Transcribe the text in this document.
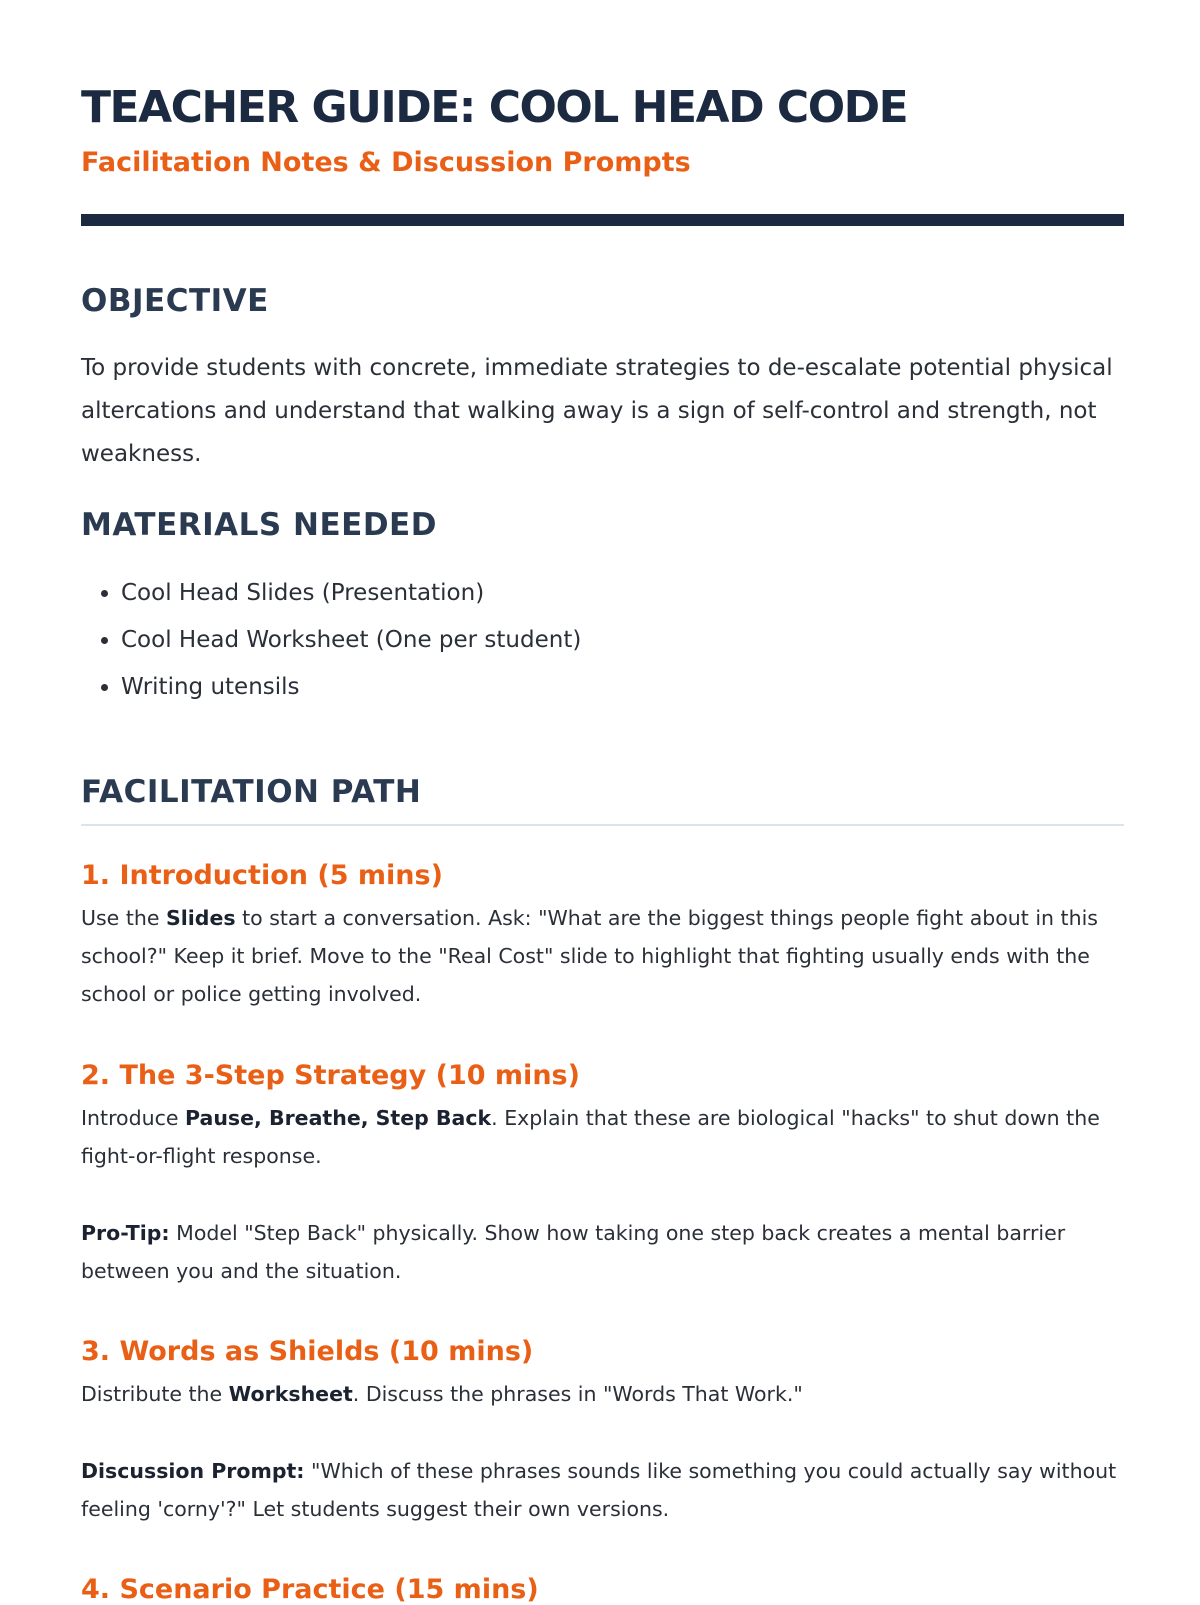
TEACHER GUIDE: COOL HEAD CODE
Facilitation Notes & Discussion Prompts
OBJECTIVE

To provide students with concrete, immediate strategies to de-escalate potential physical altercations and understand that walking away is a sign of self-control and strength, not weakness.

MATERIALS NEEDED
• Cool Head Slides (Presentation)
• Cool Head Worksheet (One per student)
• Writing utensils
FACILITATION PATH
1. Introduction (5 mins)

Use the Slides to start a conversation. Ask: "What are the biggest things people fight about in this school?" Keep it brief. Move to the "Real Cost" slide to highlight that fighting usually ends with the school or police getting involved.

2. The 3-Step Strategy (10 mins)

Introduce Pause, Breathe, Step Back. Explain that these are biological "hacks" to shut down the fight-or-flight response.

Pro-Tip: Model "Step Back" physically. Show how taking one step back creates a mental barrier between you and the situation.

3. Words as Shields (10 mins)

Distribute the Worksheet. Discuss the phrases in "Words That Work."

Discussion Prompt: "Which of these phrases sounds like something you could actually say without feeling 'corny'?" Let students suggest their own versions.

4. Scenario Practice (15 mins)
